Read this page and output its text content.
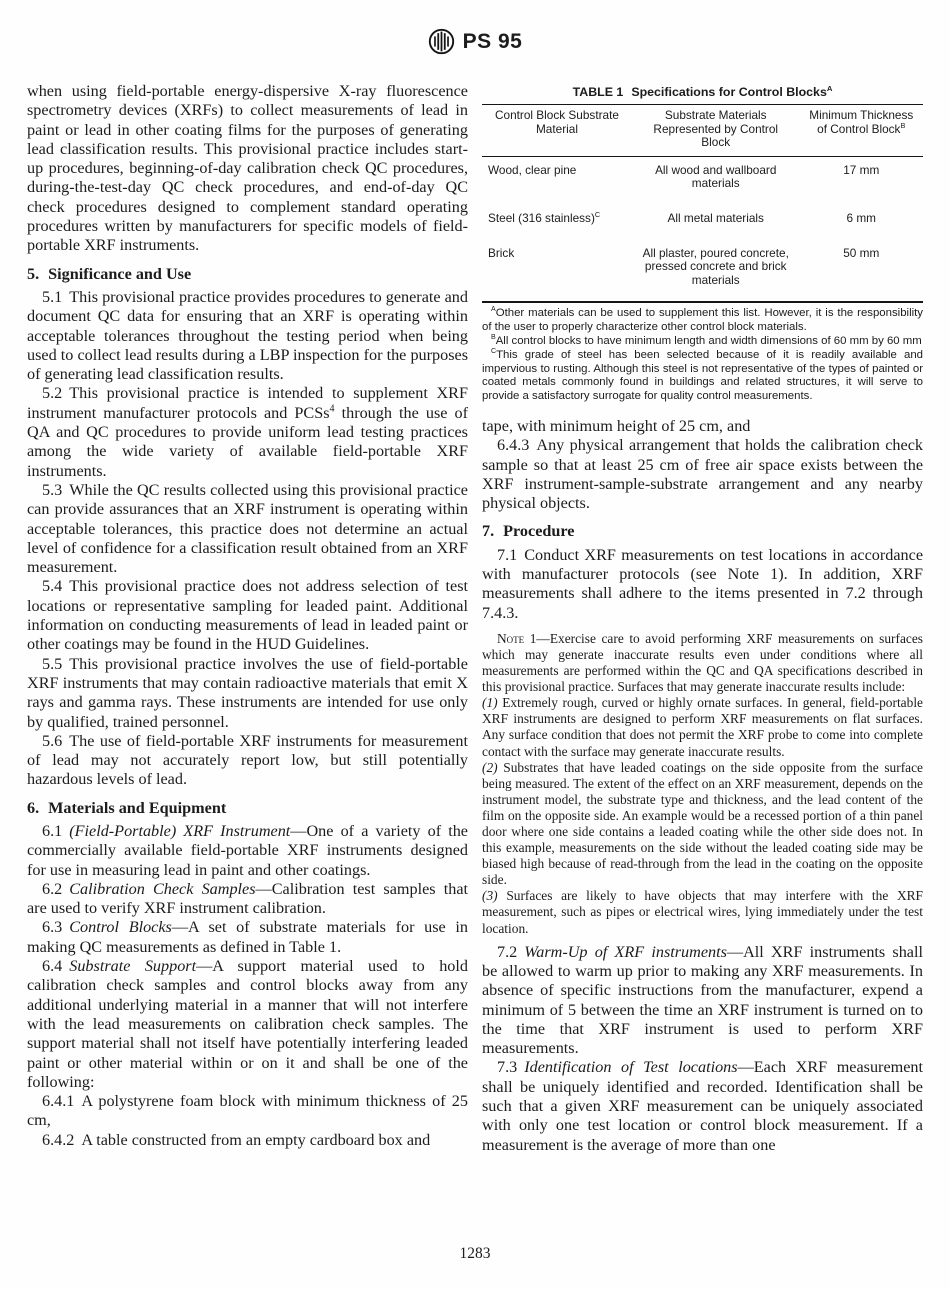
PS 95

when using field-portable energy-dispersive X-ray fluorescence spectrometry devices (XRFs) to collect measurements of lead in paint or lead in other coating films for the purposes of generating lead classification results. This provisional practice includes start-up procedures, beginning-of-day calibration check QC procedures, during-the-test-day QC check procedures, and end-of-day QC check procedures designed to complement standard operating procedures written by manufacturers for specific models of field-portable XRF instruments.

5. Significance and Use

5.1 This provisional practice provides procedures to generate and document QC data for ensuring that an XRF is operating within acceptable tolerances throughout the testing period when being used to collect lead results during a LBP inspection for the purposes of generating lead classification results.

5.2 This provisional practice is intended to supplement XRF instrument manufacturer protocols and PCSs$^4$ through the use of QA and QC procedures to provide uniform lead testing practices among the wide variety of available field-portable XRF instruments.

5.3 While the QC results collected using this provisional practice can provide assurances that an XRF instrument is operating within acceptable tolerances, this practice does not determine an actual level of confidence for a classification result obtained from an XRF measurement.

5.4 This provisional practice does not address selection of test locations or representative sampling for leaded paint. Additional information on conducting measurements of lead in leaded paint or other coatings may be found in the HUD Guidelines.

5.5 This provisional practice involves the use of field-portable XRF instruments that may contain radioactive materials that emit X rays and gamma rays. These instruments are intended for use only by qualified, trained personnel.

5.6 The use of field-portable XRF instruments for measurement of lead may not accurately report low, but still potentially hazardous levels of lead.

6. Materials and Equipment

6.1 (Field-Portable) XRF Instrument—One of a variety of the commercially available field-portable XRF instruments designed for use in measuring lead in paint and other coatings.

6.2 Calibration Check Samples—Calibration test samples that are used to verify XRF instrument calibration.

6.3 Control Blocks—A set of substrate materials for use in making QC measurements as defined in Table 1.

6.4 Substrate Support—A support material used to hold calibration check samples and control blocks away from any additional underlying material in a manner that will not interfere with the lead measurements on calibration check samples. The support material shall not itself have potentially interfering leaded paint or other material within or on it and shall be one of the following:

6.4.1 A polystyrene foam block with minimum thickness of 25 cm,

6.4.2 A table constructed from an empty cardboard box and

TABLE 1 Specifications for Control Blocks$^A$

Control Block Substrate Material	Substrate Materials Represented by Control Block	Minimum Thickness of Control Block$^B$
Wood, clear pine	All wood and wallboard materials	17 mm
Steel (316 stainless)$^C$	All metal materials	6 mm
Brick	All plaster, poured concrete, pressed concrete and brick materials	50 mm

$^A$Other materials can be used to supplement this list. However, it is the responsibility of the user to properly characterize other control block materials.

$^B$All control blocks to have minimum length and width dimensions of 60 mm by 60 mm

$^C$This grade of steel has been selected because of it is readily available and impervious to rusting. Although this steel is not representative of the types of painted or coated metals commonly found in buildings and related structures, it will serve to provide a satisfactory surrogate for quality control measurements.

tape, with minimum height of 25 cm, and

6.4.3 Any physical arrangement that holds the calibration check sample so that at least 25 cm of free air space exists between the XRF instrument-sample-substrate arrangement and any nearby physical objects.

7. Procedure

7.1 Conduct XRF measurements on test locations in accordance with manufacturer protocols (see Note 1). In addition, XRF measurements shall adhere to the items presented in 7.2 through 7.4.3.

Note 1—Exercise care to avoid performing XRF measurements on surfaces which may generate inaccurate results even under conditions where all measurements are performed within the QC and QA specifications described in this provisional practice. Surfaces that may generate inaccurate results include:

(1) Extremely rough, curved or highly ornate surfaces. In general, field-portable XRF instruments are designed to perform XRF measurements on flat surfaces. Any surface condition that does not permit the XRF probe to come into complete contact with the surface may generate inaccurate results.

(2) Substrates that have leaded coatings on the side opposite from the surface being measured. The extent of the effect on an XRF measurement, depends on the instrument model, the substrate type and thickness, and the lead content of the film on the opposite side. An example would be a recessed portion of a thin panel door where one side contains a leaded coating while the other side does not. In this example, measurements on the side without the leaded coating side may be biased high because of read-through from the lead in the coating on the opposite side.

(3) Surfaces are likely to have objects that may interfere with the XRF measurement, such as pipes or electrical wires, lying immediately under the test location.

7.2 Warm-Up of XRF instruments—All XRF instruments shall be allowed to warm up prior to making any XRF measurements. In absence of specific instructions from the manufacturer, expend a minimum of 5 between the time an XRF instrument is turned on to the time that XRF instrument is used to perform XRF measurements.

7.3 Identification of Test locations—Each XRF measurement shall be uniquely identified and recorded. Identification shall be such that a given XRF measurement can be uniquely associated with only one test location or control block measurement. If a measurement is the average of more than one

1283
